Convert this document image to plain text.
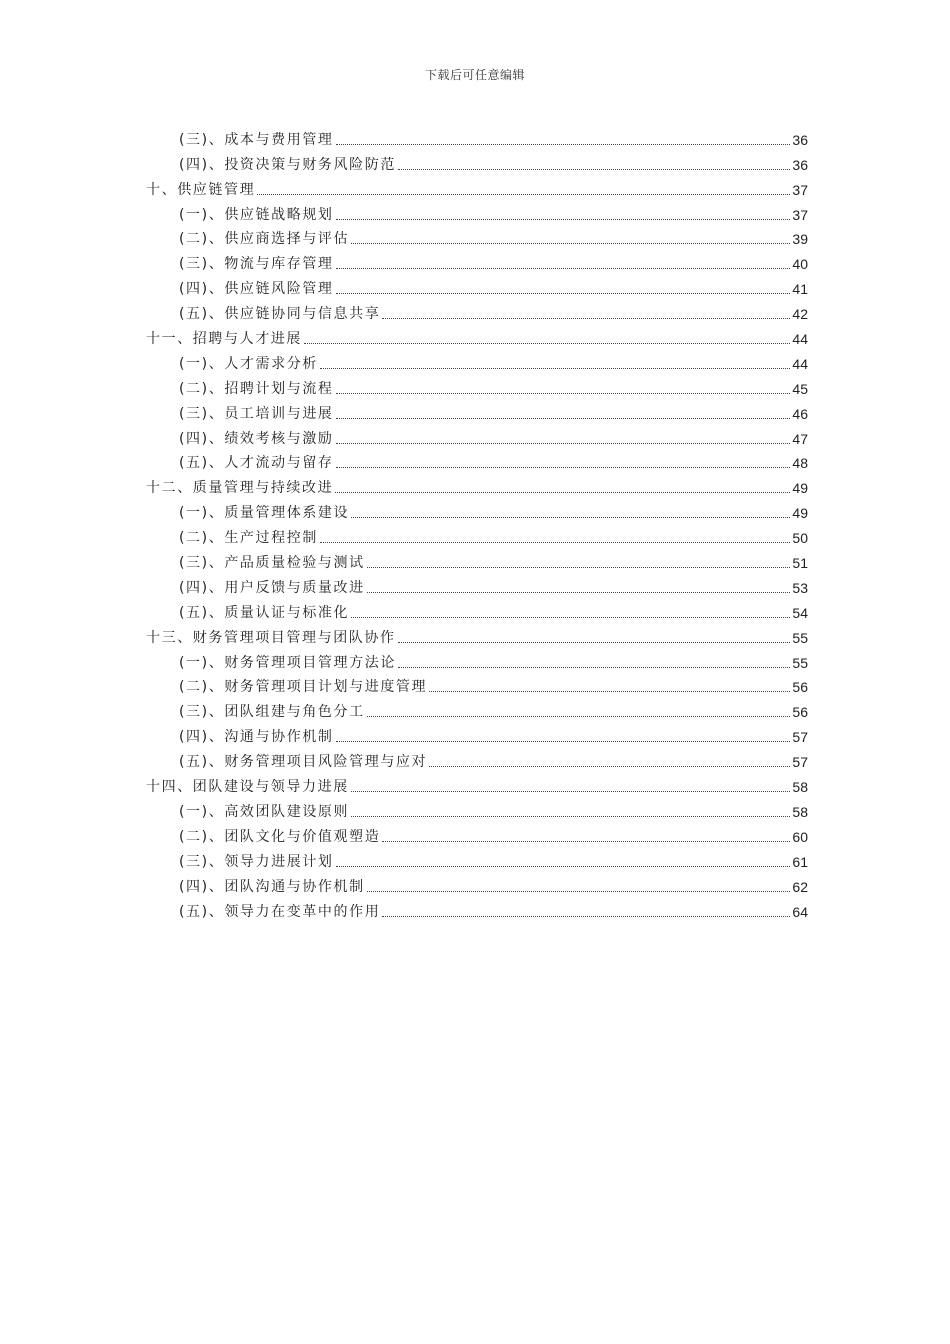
下载后可任意编辑
(三)、成本与费用管理	36
(四)、投资决策与财务风险防范	36
十、供应链管理	37
(一)、供应链战略规划	37
(二)、供应商选择与评估	39
(三)、物流与库存管理	40
(四)、供应链风险管理	41
(五)、供应链协同与信息共享	42
十一、招聘与人才进展	44
(一)、人才需求分析	44
(二)、招聘计划与流程	45
(三)、员工培训与进展	46
(四)、绩效考核与激励	47
(五)、人才流动与留存	48
十二、质量管理与持续改进	49
(一)、质量管理体系建设	49
(二)、生产过程控制	50
(三)、产品质量检验与测试	51
(四)、用户反馈与质量改进	53
(五)、质量认证与标准化	54
十三、财务管理项目管理与团队协作	55
(一)、财务管理项目管理方法论	55
(二)、财务管理项目计划与进度管理	56
(三)、团队组建与角色分工	56
(四)、沟通与协作机制	57
(五)、财务管理项目风险管理与应对	57
十四、团队建设与领导力进展	58
(一)、高效团队建设原则	58
(二)、团队文化与价值观塑造	60
(三)、领导力进展计划	61
(四)、团队沟通与协作机制	62
(五)、领导力在变革中的作用	64
